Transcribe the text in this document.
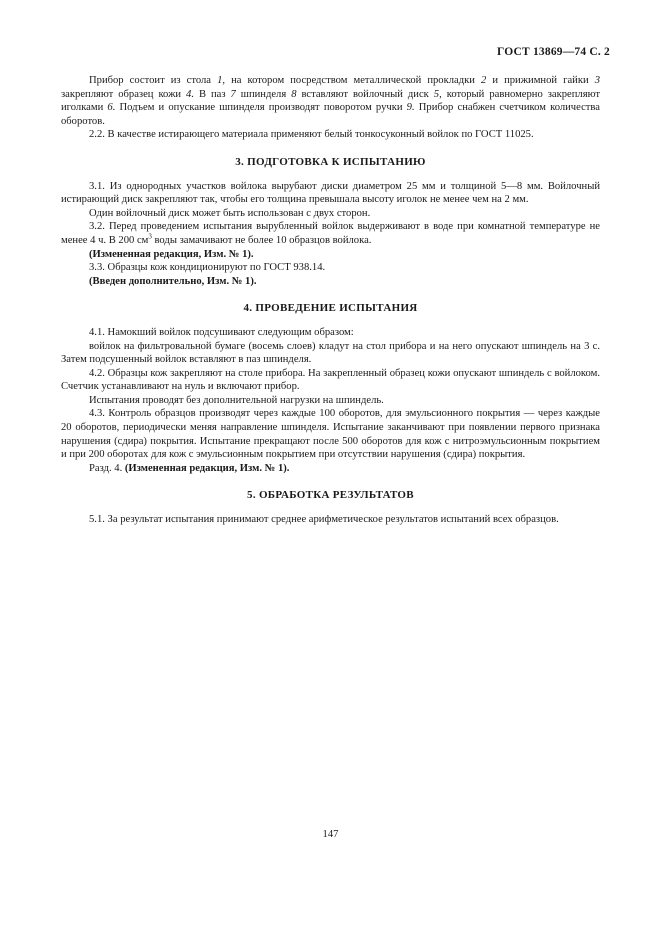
ГОСТ 13869—74 С. 2

Прибор состоит из стола 1, на котором посредством металлической прокладки 2 и прижимной гайки 3 закрепляют образец кожи 4. В паз 7 шпинделя 8 вставляют войлочный диск 5, который равномерно закрепляют иголками 6. Подъем и опускание шпинделя производят поворотом ручки 9. Прибор снабжен счетчиком количества оборотов.

2.2. В качестве истирающего материала применяют белый тонкосуконный войлок по ГОСТ 11025.

3. ПОДГОТОВКА К ИСПЫТАНИЮ

3.1. Из однородных участков войлока вырубают диски диаметром 25 мм и толщиной 5—8 мм. Войлочный истирающий диск закрепляют так, чтобы его толщина превышала высоту иголок не менее чем на 2 мм.

Один войлочный диск может быть использован с двух сторон.

3.2. Перед проведением испытания вырубленный войлок выдерживают в воде при комнатной температуре не менее 4 ч. В 200 $см^3$ воды замачивают не более 10 образцов войлока.

(Измененная редакция, Изм. № 1).

3.3. Образцы кож кондиционируют по ГОСТ 938.14.

(Введен дополнительно, Изм. № 1).

4. ПРОВЕДЕНИЕ ИСПЫТАНИЯ

4.1. Намокший войлок подсушивают следующим образом:

войлок на фильтровальной бумаге (восемь слоев) кладут на стол прибора и на него опускают шпиндель на 3 с. Затем подсушенный войлок вставляют в паз шпинделя.

4.2. Образцы кож закрепляют на столе прибора. На закрепленный образец кожи опускают шпиндель с войлоком. Счетчик устанавливают на нуль и включают прибор.

Испытания проводят без дополнительной нагрузки на шпиндель.

4.3. Контроль образцов производят через каждые 100 оборотов, для эмульсионного покрытия — через каждые 20 оборотов, периодически меняя направление шпинделя. Испытание заканчивают при появлении первого признака нарушения (сдира) покрытия. Испытание прекращают после 500 оборотов для кож с нитроэмульсионным покрытием и при 200 оборотах для кож с эмульсионным покрытием при отсутствии нарушения (сдира) покрытия.

Разд. 4. (Измененная редакция, Изм. № 1).

5. ОБРАБОТКА РЕЗУЛЬТАТОВ

5.1. За результат испытания принимают среднее арифметическое результатов испытаний всех образцов.

147
